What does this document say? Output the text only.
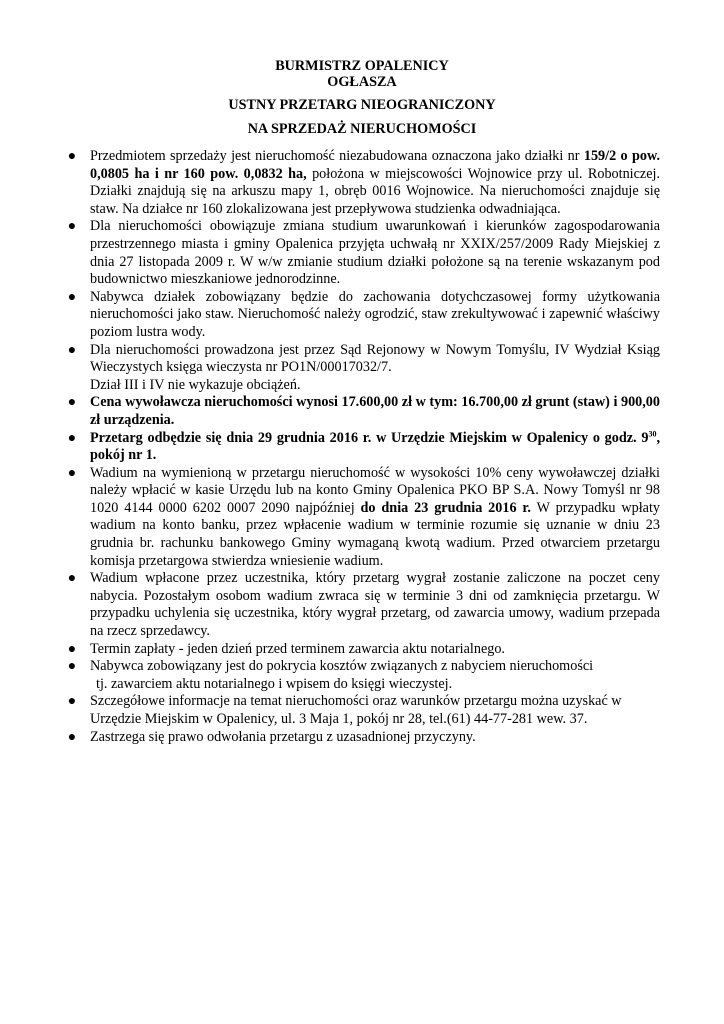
BURMISTRZ OPALENICY
OGŁASZA
USTNY PRZETARG NIEOGRANICZONY
NA SPRZEDAŻ NIERUCHOMOŚCI
● Przedmiotem sprzedaży jest nieruchomość niezabudowana oznaczona jako działki nr 159/2 o pow. 0,0805 ha i nr 160 pow. 0,0832 ha, położona w miejscowości Wojnowice przy ul. Robotniczej. Działki znajdują się na arkuszu mapy 1, obręb 0016 Wojnowice. Na nieruchomości znajduje się staw. Na działce nr 160 zlokalizowana jest przepływowa studzienka odwadniająca.

● Dla nieruchomości obowiązuje zmiana studium uwarunkowań i kierunków zagospodarowania przestrzennego miasta i gminy Opalenica przyjęta uchwałą nr XXIX/257/2009 Rady Miejskiej z dnia 27 listopada 2009 r. W w/w zmianie studium działki położone są na terenie wskazanym pod budownictwo mieszkaniowe jednorodzinne.

● Nabywca działek zobowiązany będzie do zachowania dotychczasowej formy użytkowania nieruchomości jako staw. Nieruchomość należy ogrodzić, staw zrekultywować i zapewnić właściwy poziom lustra wody.

● Dla nieruchomości prowadzona jest przez Sąd Rejonowy w Nowym Tomyślu, IV Wydział Ksiąg Wieczystych księga wieczysta nr PO1N/00017032/7.

Dział III i IV nie wykazuje obciążeń.

● Cena wywoławcza nieruchomości wynosi 17.600,00 zł w tym: 16.700,00 zł grunt (staw) i 900,00 zł urządzenia.

● Przetarg odbędzie się dnia 29 grudnia 2016 r. w Urzędzie Miejskim w Opalenicy o godz. $9^{30}$, pokój nr 1.

● Wadium na wymienioną w przetargu nieruchomość w wysokości 10% ceny wywoławczej działki należy wpłacić w kasie Urzędu lub na konto Gminy Opalenica PKO BP S.A. Nowy Tomyśl nr 98 1020 4144 0000 6202 0007 2090 najpóźniej do dnia 23 grudnia 2016 r. W przypadku wpłaty wadium na konto banku, przez wpłacenie wadium w terminie rozumie się uznanie w dniu 23 grudnia br. rachunku bankowego Gminy wymaganą kwotą wadium. Przed otwarciem przetargu komisja przetargowa stwierdza wniesienie wadium.

● Wadium wpłacone przez uczestnika, który przetarg wygrał zostanie zaliczone na poczet ceny nabycia. Pozostałym osobom wadium zwraca się w terminie 3 dni od zamknięcia przetargu. W przypadku uchylenia się uczestnika, który wygrał przetarg, od zawarcia umowy, wadium przepada na rzecz sprzedawcy.

● Termin zapłaty - jeden dzień przed terminem zawarcia aktu notarialnego.

● Nabywca zobowiązany jest do pokrycia kosztów związanych z nabyciem nieruchomości

tj. zawarciem aktu notarialnego i wpisem do księgi wieczystej.

● Szczegółowe informacje na temat nieruchomości oraz warunków przetargu można uzyskać w Urzędzie Miejskim w Opalenicy, ul. 3 Maja 1, pokój nr 28, tel.(61) 44-77-281 wew. 37.

● Zastrzega się prawo odwołania przetargu z uzasadnionej przyczyny.
